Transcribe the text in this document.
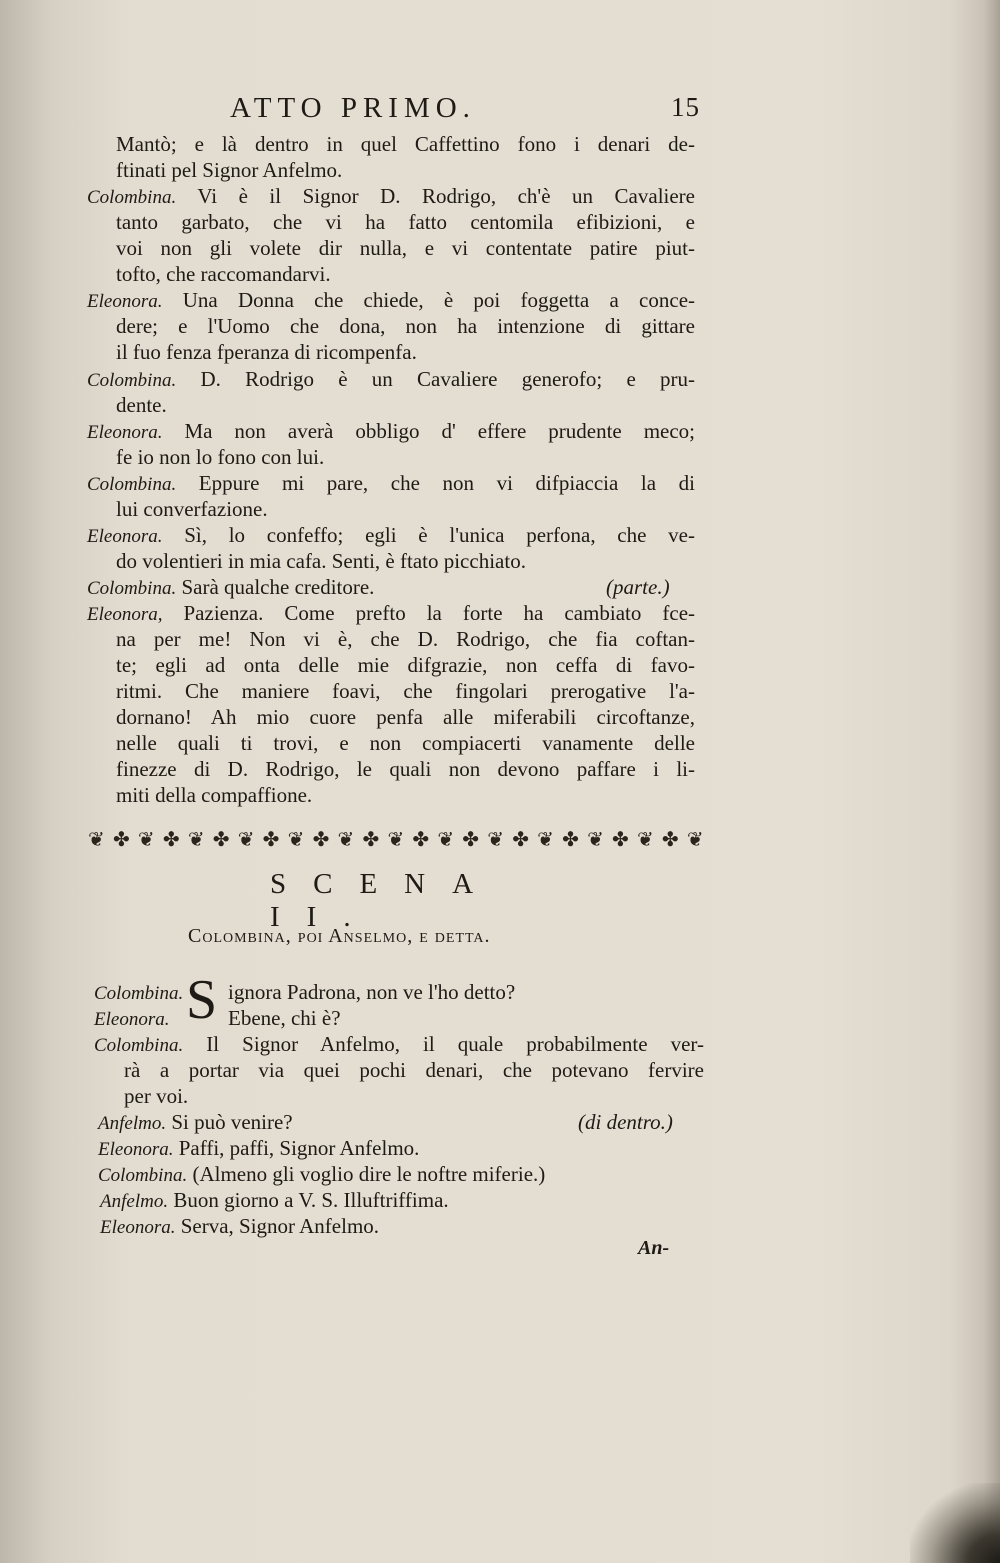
ATTO PRIMO.	15
Mantò; e là dentro in quel Caffettino fono i denari de-
ftinati pel Signor Anfelmo.
Colombina. Vi è il Signor D. Rodrigo, ch'è un Cavaliere
tanto garbato, che vi ha fatto centomila efibizioni, e
voi non gli volete dir nulla, e vi contentate patire piut-
tofto, che raccomandarvi.
Eleonora. Una Donna che chiede, è poi foggetta a conce-
dere; e l'Uomo che dona, non ha intenzione di gittare
il fuo fenza fperanza di ricompenfa.
Colombina. D. Rodrigo è un Cavaliere generofo; e pru-
dente.
Eleonora. Ma non averà obbligo d' effere prudente meco;
fe io non lo fono con lui.
Colombina. Eppure mi pare, che non vi difpiaccia la di
lui converfazione.
Eleonora. Sì, lo confeffo; egli è l'unica perfona, che ve-
do volentieri in mia cafa. Senti, è ftato picchiato.
Colombina. Sarà qualche creditore.	(parte.)
Eleonora, Pazienza. Come prefto la forte ha cambiato fce-
na per me! Non vi è, che D. Rodrigo, che fia coftan-
te; egli ad onta delle mie difgrazie, non ceffa di favo-
ritmi. Che maniere foavi, che fingolari prerogative l'a-
dornano! Ah mio cuore penfa alle miferabili circoftanze,
nelle quali ti trovi, e non compiacerti vanamente delle
finezze di D. Rodrigo, le quali non devono paffare i li-
miti della compaffione.
❦ ✤ ❦ ✤ ❦ ✤ ❦ ✤ ❦ ✤ ❦ ✤ ❦ ✤ ❦ ✤ ❦ ✤ ❦ ✤ ❦ ✤ ❦ ✤ ❦
SCENA II.
Colombina, poi Anselmo, e detta.
S
Colombina. ignora Padrona, non ve l'ho detto?
Eleonora.	Ebene, chi è?
Colombina. Il Signor Anfelmo, il quale probabilmente ver-
rà a portar via quei pochi denari, che potevano fervire
per voi.
Anfelmo. Si può venire?	(di dentro.)
Eleonora. Paffi, paffi, Signor Anfelmo.
Colombina. (Almeno gli voglio dire le noftre miferie.)
Anfelmo. Buon giorno a V. S. Illuftriffima.
Eleonora. Serva, Signor Anfelmo.
An-
